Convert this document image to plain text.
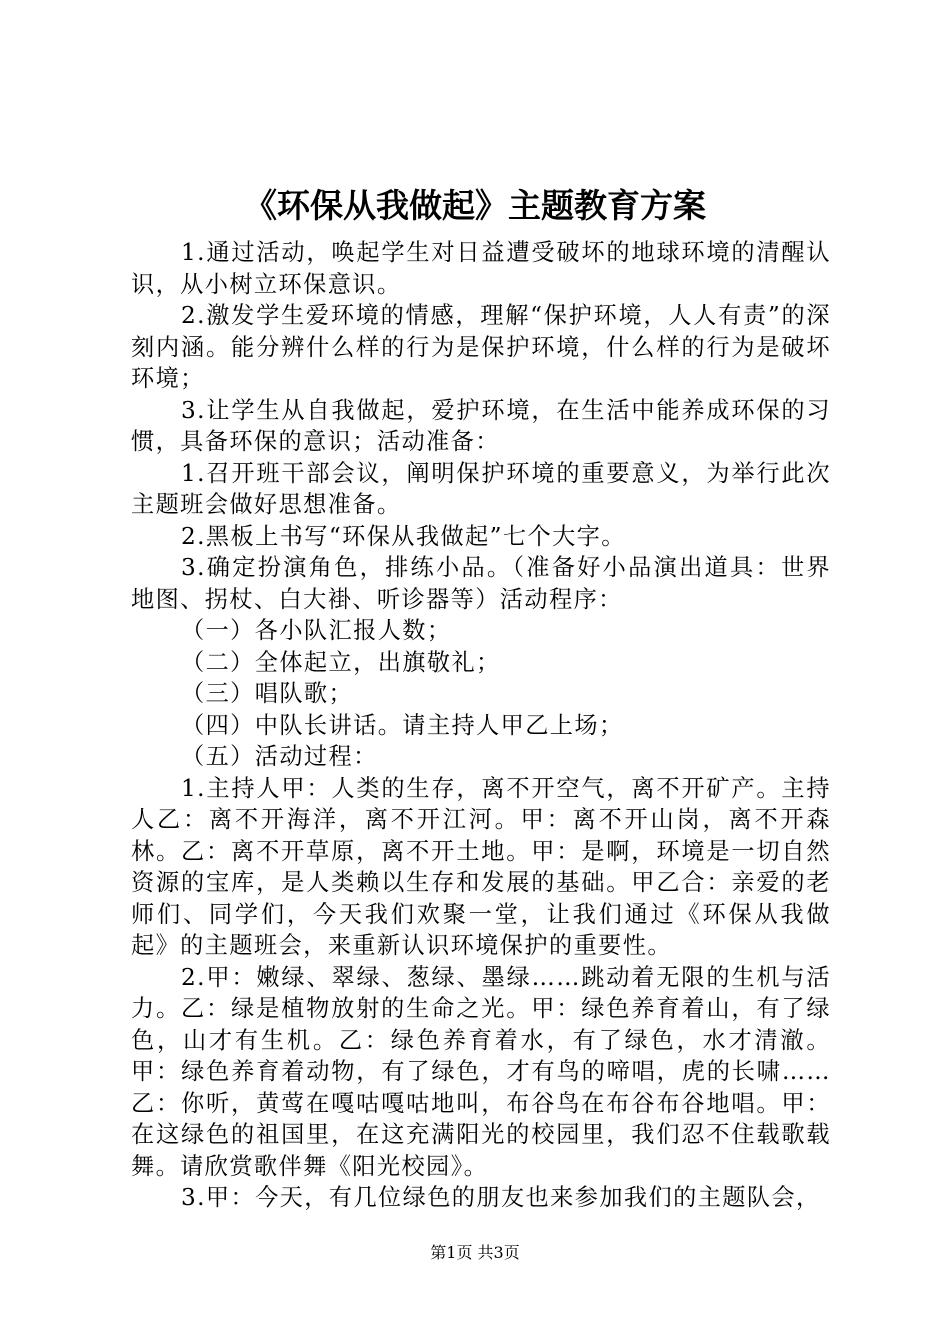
《环保从我做起》主题教育方案

1.通过活动，唤起学生对日益遭受破坏的地球环境的清醒认识，从小树立环保意识。

2.激发学生爱环境的情感，理解“保护环境，人人有责”的深刻内涵。能分辨什么样的行为是保护环境，什么样的行为是破坏环境；

3.让学生从自我做起，爱护环境，在生活中能养成环保的习惯，具备环保的意识；活动准备：

1.召开班干部会议，阐明保护环境的重要意义，为举行此次主题班会做好思想准备。

2.黑板上书写“环保从我做起”七个大字。

3.确定扮演角色，排练小品。（准备好小品演出道具：世界地图、拐杖、白大褂、听诊器等）活动程序：

（一）各小队汇报人数；

（二）全体起立，出旗敬礼；

（三）唱队歌；

（四）中队长讲话。请主持人甲乙上场；

（五）活动过程：

1.主持人甲：人类的生存，离不开空气，离不开矿产。主持人乙：离不开海洋，离不开江河。甲：离不开山岗，离不开森林。乙：离不开草原，离不开土地。甲：是啊，环境是一切自然资源的宝库，是人类赖以生存和发展的基础。甲乙合：亲爱的老师们、同学们，今天我们欢聚一堂，让我们通过《环保从我做起》的主题班会，来重新认识环境保护的重要性。

2.甲：嫩绿、翠绿、葱绿、墨绿……跳动着无限的生机与活力。乙：绿是植物放射的生命之光。甲：绿色养育着山，有了绿色，山才有生机。乙：绿色养育着水，有了绿色，水才清澈。甲：绿色养育着动物，有了绿色，才有鸟的啼唱，虎的长啸……乙：你听，黄莺在嘎咕嘎咕地叫，布谷鸟在布谷布谷地唱。甲：在这绿色的祖国里，在这充满阳光的校园里，我们忍不住载歌载舞。请欣赏歌伴舞《阳光校园》。

3.甲：今天，有几位绿色的朋友也来参加我们的主题队会，

第1页 共3页
